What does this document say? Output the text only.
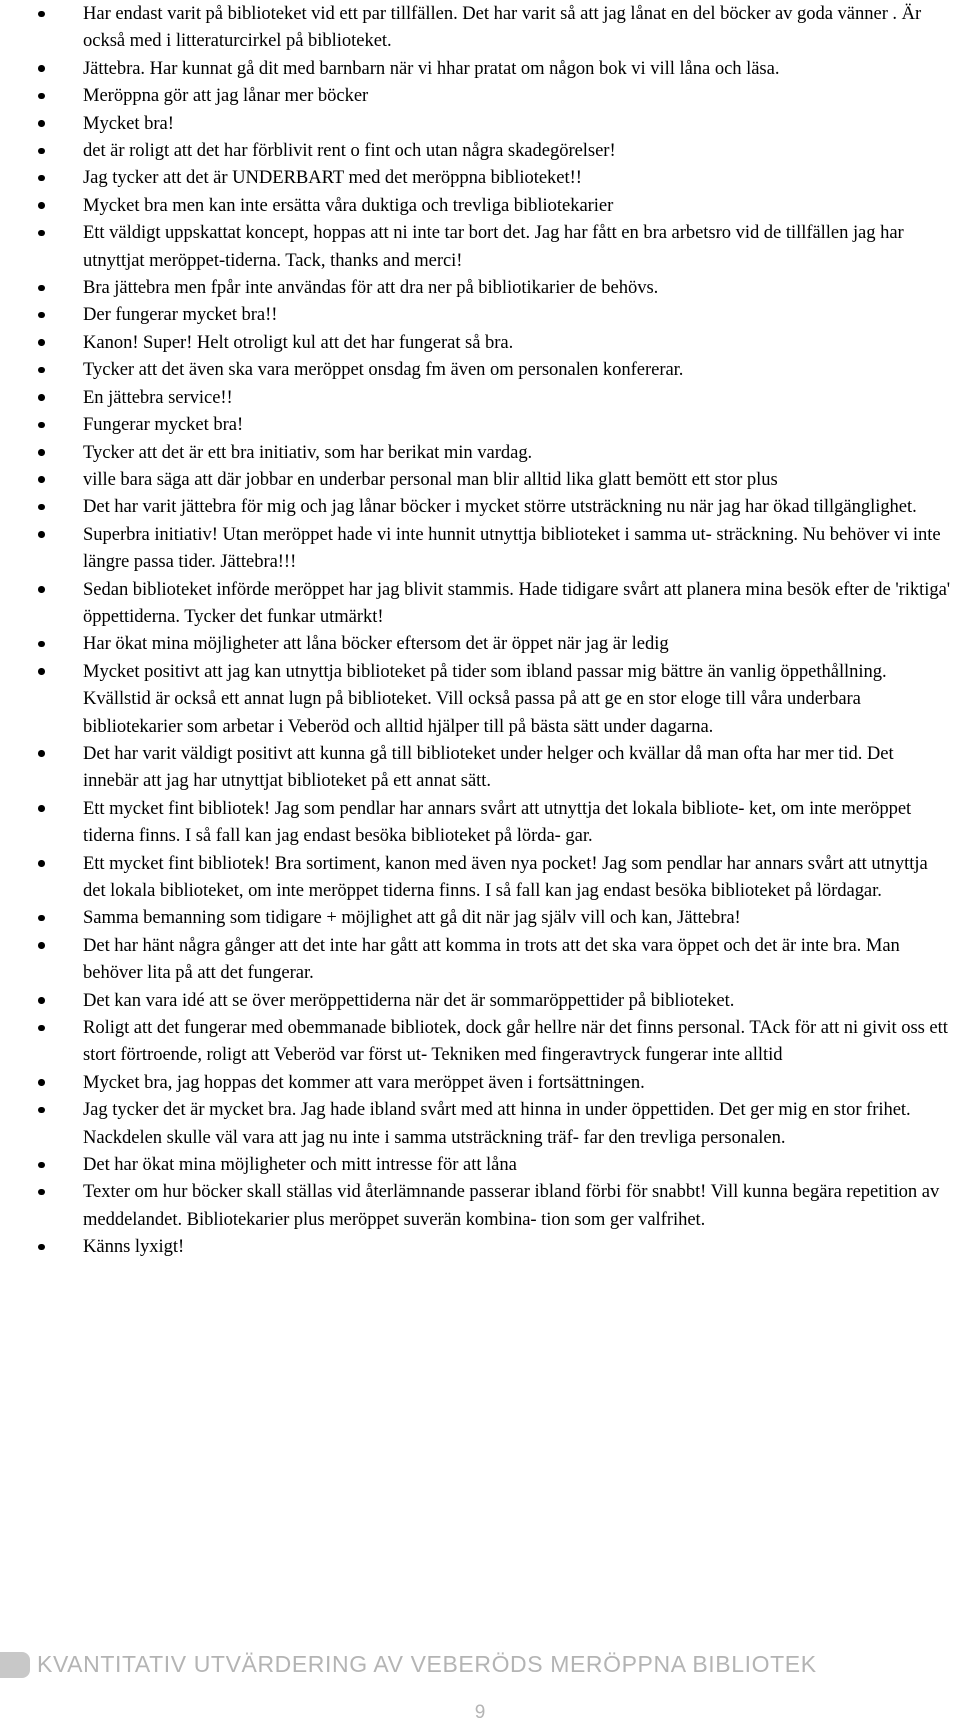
Har endast varit på biblioteket vid ett par tillfällen. Det har varit så att jag lånat en del böcker av goda vänner . Är också med i litteraturcirkel på biblioteket.
Jättebra. Har kunnat gå dit med barnbarn när vi hhar pratat om någon bok vi vill låna och läsa.
Meröppna gör att jag lånar mer böcker
Mycket bra!
det är roligt att det har förblivit rent o fint och utan några skadegörelser!
Jag tycker att det är UNDERBART med det meröppna biblioteket!!
Mycket bra men kan inte ersätta våra duktiga och trevliga bibliotekarier
Ett väldigt uppskattat koncept, hoppas att ni inte tar bort det. Jag har fått en bra arbetsro vid de tillfällen jag har utnyttjat meröppet-tiderna. Tack, thanks and merci!
Bra jättebra men fpår inte användas för att dra ner på bibliotikarier de behövs.
Der fungerar mycket bra!!
Kanon! Super! Helt otroligt kul att det har fungerat så bra.
Tycker att det även ska vara meröppet onsdag fm även om personalen konfererar.
En jättebra service!!
Fungerar mycket bra!
Tycker att det är ett bra initiativ, som har berikat min vardag.
ville bara säga att där jobbar en underbar personal man blir alltid lika glatt bemött ett stor plus
Det har varit jättebra för mig och jag lånar böcker i mycket större utsträckning nu när jag har ökad tillgänglighet.
Superbra initiativ! Utan meröppet hade vi inte hunnit utnyttja biblioteket i samma ut- sträckning. Nu behöver vi inte längre passa tider. Jättebra!!!
Sedan biblioteket införde meröppet har jag blivit stammis. Hade tidigare svårt att planera mina besök efter de 'riktiga' öppettiderna. Tycker det funkar utmärkt!
Har ökat mina möjligheter att låna böcker eftersom det är öppet när jag är ledig
Mycket positivt att jag kan utnyttja biblioteket på tider som ibland passar mig bättre än vanlig öppethållning. Kvällstid är också ett annat lugn på biblioteket. Vill också passa på att ge en stor eloge till våra underbara bibliotekarier som arbetar i Veberöd och alltid hjälper till på bästa sätt under dagarna.
Det har varit väldigt positivt att kunna gå till biblioteket under helger och kvällar då man ofta har mer tid. Det innebär att jag har utnyttjat biblioteket på ett annat sätt.
Ett mycket fint bibliotek! Jag som pendlar har annars svårt att utnyttja det lokala bibliote- ket, om inte meröppet tiderna finns. I så fall kan jag endast besöka biblioteket på lörda- gar.
Ett mycket fint bibliotek! Bra sortiment, kanon med även nya pocket! Jag som pendlar har annars svårt att utnyttja det lokala biblioteket, om inte meröppet tiderna finns. I så fall kan jag endast besöka biblioteket på lördagar.
Samma bemanning som tidigare + möjlighet att gå dit när jag själv vill och kan, Jättebra!
Det har hänt några gånger att det inte har gått att komma in trots att det ska vara öppet och det är inte bra. Man behöver lita på att det fungerar.
Det kan vara idé att se över meröppettiderna när det är sommaröppettider på biblioteket.
Roligt att det fungerar med obemmanade bibliotek, dock går hellre när det finns personal. TAck för att ni givit oss ett stort förtroende, roligt att Veberöd var först ut- Tekniken med fingeravtryck fungerar inte alltid
Mycket bra, jag hoppas det kommer att vara meröppet även i fortsättningen.
Jag tycker det är mycket bra. Jag hade ibland svårt med att hinna in under öppettiden. Det ger mig en stor frihet. Nackdelen skulle väl vara att jag nu inte i samma utsträckning träf- far den trevliga personalen.
Det har ökat mina möjligheter och mitt intresse för att låna
Texter om hur böcker skall ställas vid återlämnande passerar ibland förbi för snabbt! Vill kunna begära repetition av meddelandet. Bibliotekarier plus meröppet suverän kombina- tion som ger valfrihet.
Känns lyxigt!
KVANTITATIV UTVÄRDERING AV VEBERÖDS MERÖPPNA BIBLIOTEK
9
